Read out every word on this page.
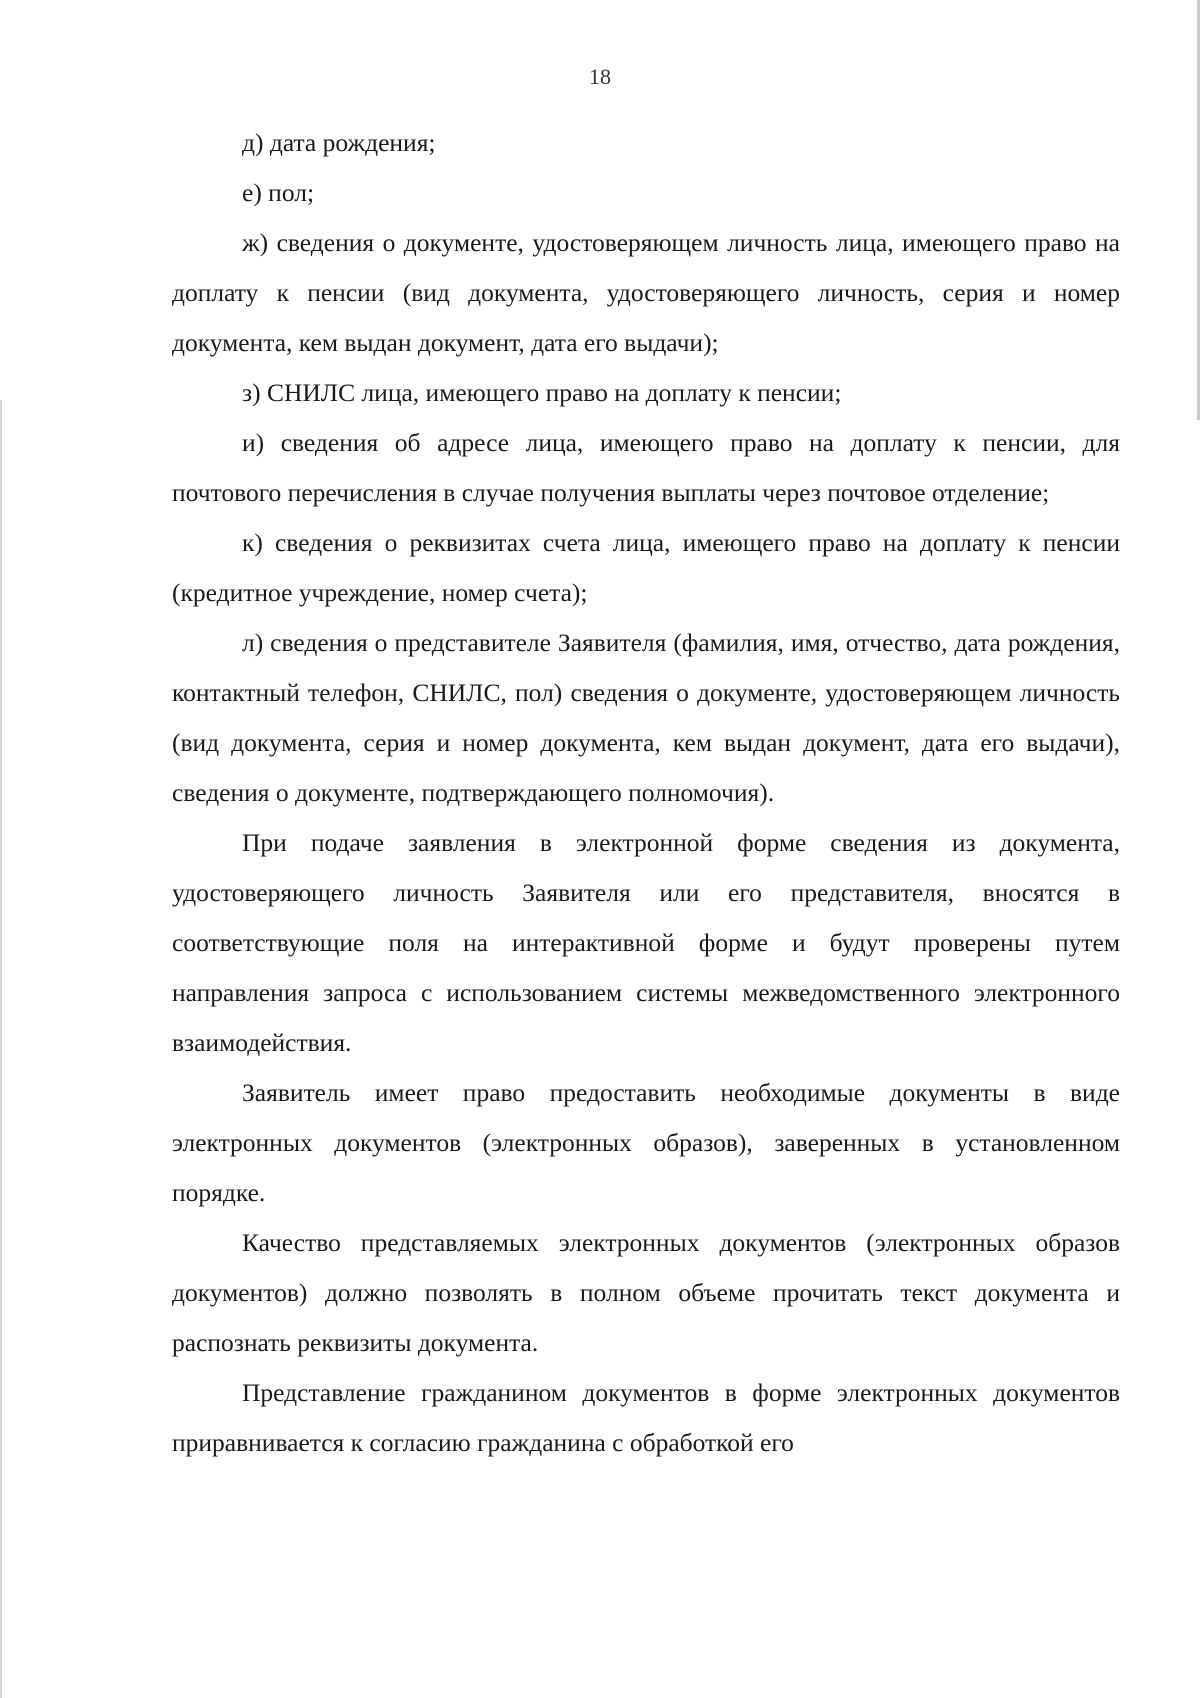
18

д) дата рождения;

е) пол;

ж) сведения о документе, удостоверяющем личность лица, имеющего право на доплату к пенсии (вид документа, удостоверяющего личность, серия и номер документа, кем выдан документ, дата его выдачи);

з) СНИЛС лица, имеющего право на доплату к пенсии;

и) сведения об адресе лица, имеющего право на доплату к пенсии, для почтового перечисления в случае получения выплаты через почтовое отделение;

к) сведения о реквизитах счета лица, имеющего право на доплату к пенсии (кредитное учреждение, номер счета);

л) сведения о представителе Заявителя (фамилия, имя, отчество, дата рождения, контактный телефон, СНИЛС, пол) сведения о документе, удостоверяющем личность (вид документа, серия и номер документа, кем выдан документ, дата его выдачи), сведения о документе, подтверждающего полномочия).

При подаче заявления в электронной форме сведения из документа, удостоверяющего личность Заявителя или его представителя, вносятся в соответствующие поля на интерактивной форме и будут проверены путем направления запроса с использованием системы межведомственного электронного взаимодействия.

Заявитель имеет право предоставить необходимые документы в виде электронных документов (электронных образов), заверенных в установленном порядке.

Качество представляемых электронных документов (электронных образов документов) должно позволять в полном объеме прочитать текст документа и распознать реквизиты документа.

Представление гражданином документов в форме электронных документов приравнивается к согласию гражданина с обработкой его
